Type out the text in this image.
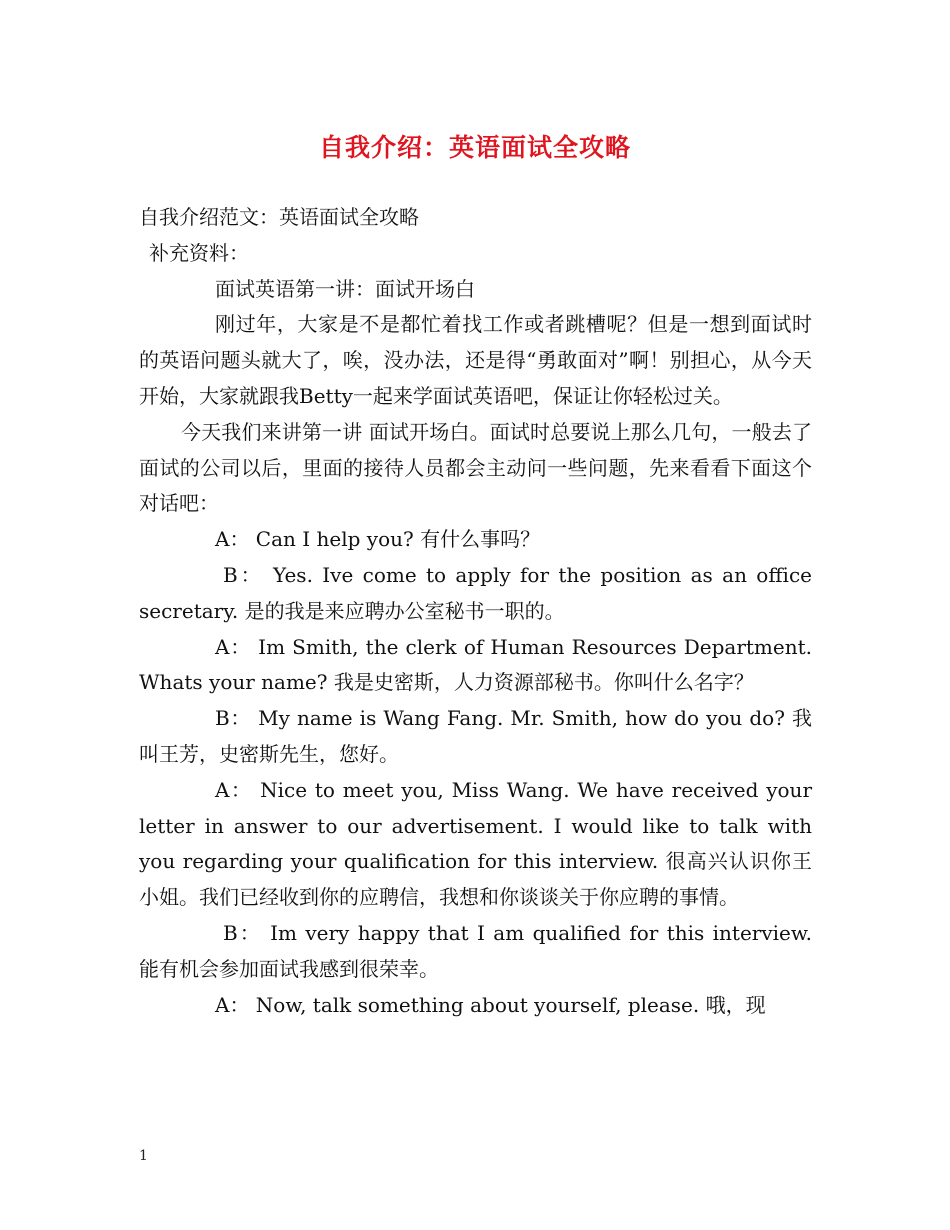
自我介绍：英语面试全攻略

自我介绍范文：英语面试全攻略

补充资料：

面试英语第一讲：面试开场白

刚过年，大家是不是都忙着找工作或者跳槽呢？但是一想到面试时的英语问题头就大了，唉，没办法，还是得“勇敢面对”啊！别担心，从今天开始，大家就跟我Betty一起来学面试英语吧，保证让你轻松过关。

今天我们来讲第一讲 面试开场白。面试时总要说上那么几句，一般去了面试的公司以后，里面的接待人员都会主动问一些问题，先来看看下面这个对话吧：

A： Can I help you? 有什么事吗？

B： Yes. Ive come to apply for the position as an office secretary. 是的我是来应聘办公室秘书一职的。

A： Im Smith, the clerk of Human Resources Department. Whats your name? 我是史密斯，人力资源部秘书。你叫什么名字？

B： My name is Wang Fang. Mr. Smith, how do you do? 我叫王芳，史密斯先生，您好。

A： Nice to meet you, Miss Wang. We have received your letter in answer to our advertisement. I would like to talk with you regarding your qualification for this interview. 很高兴认识你王小姐。我们已经收到你的应聘信，我想和你谈谈关于你应聘的事情。

B： Im very happy that I am qualified for this interview. 能有机会参加面试我感到很荣幸。

A： Now, talk something about yourself, please. 哦，现

1
